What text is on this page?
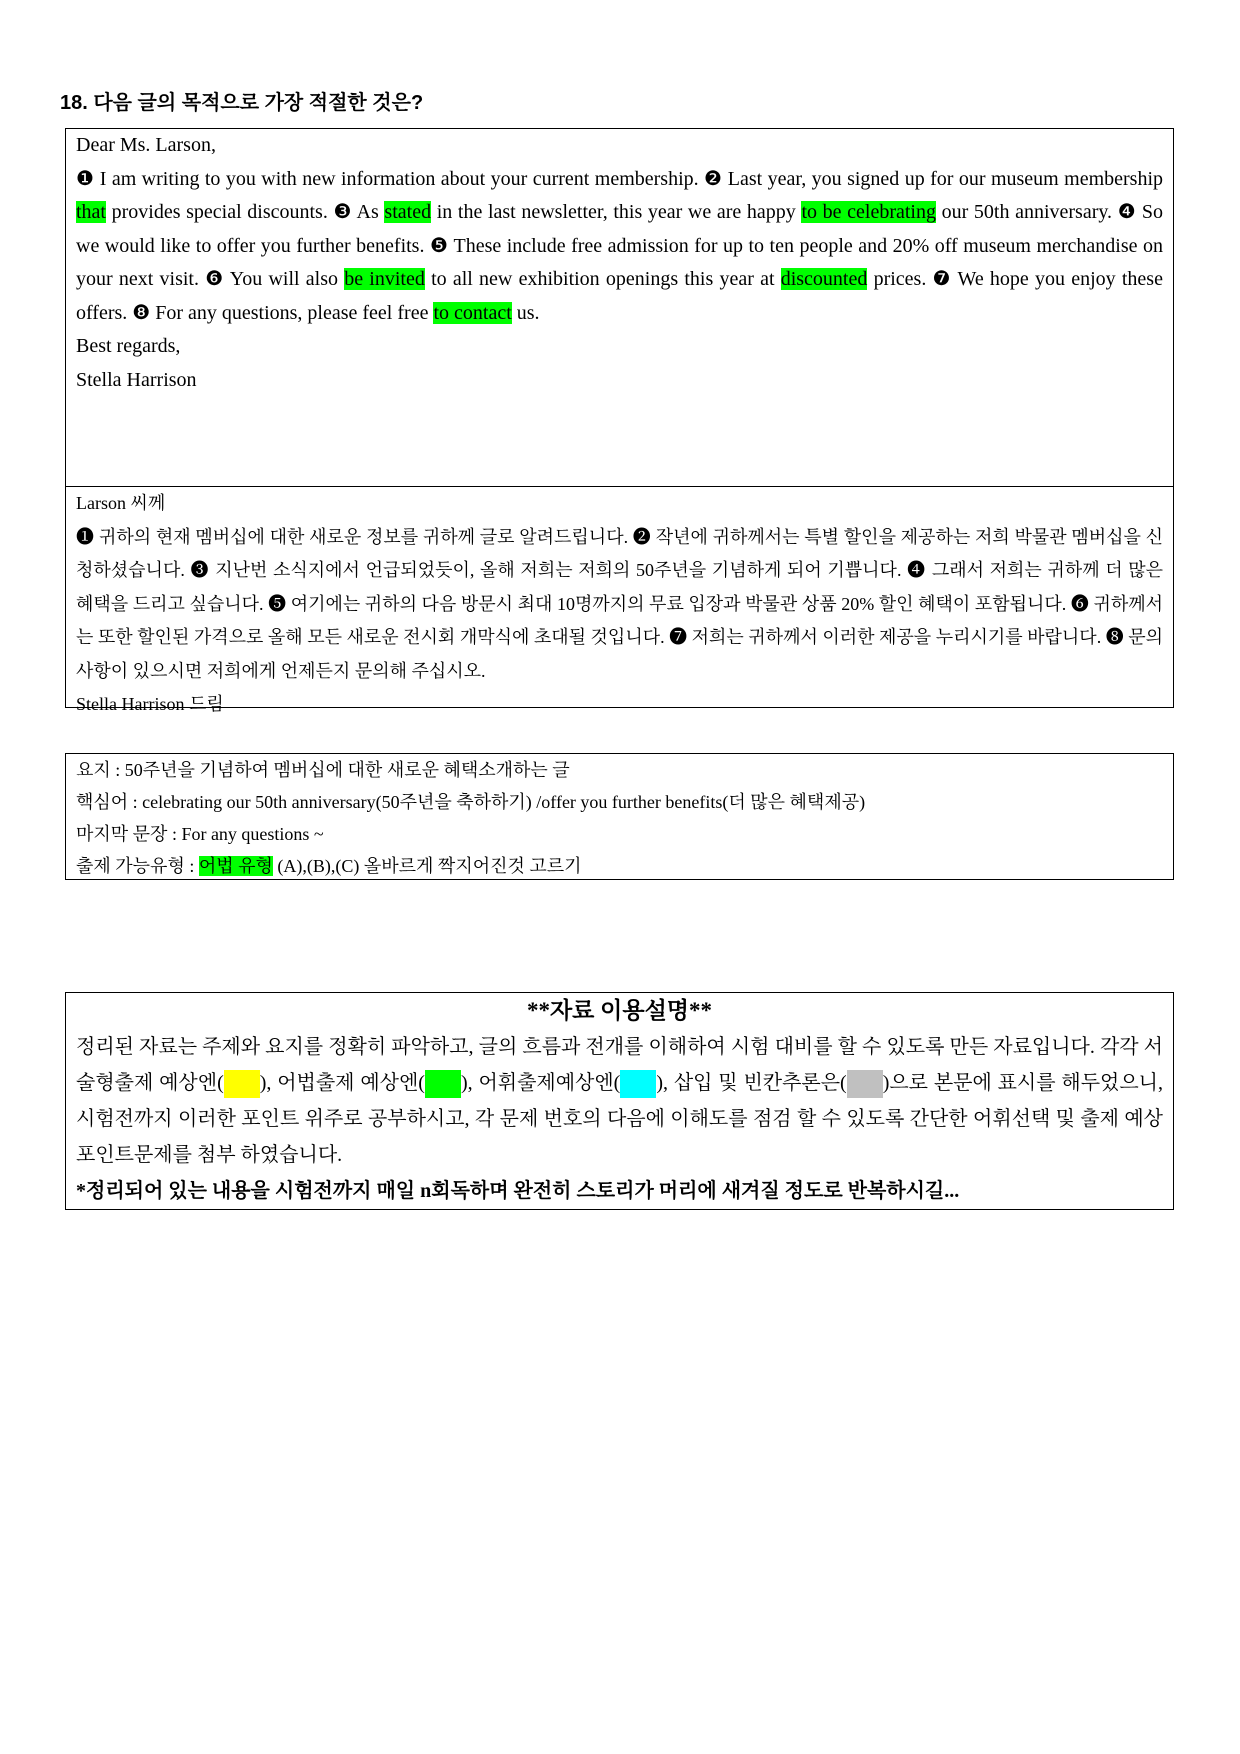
18. 다음 글의 목적으로 가장 적절한 것은?
Dear Ms. Larson,
❶ I am writing to you with new information about your current membership. ❷ Last year, you signed up for our museum membership that provides special discounts. ❸ As stated in the last newsletter, this year we are happy to be celebrating our 50th anniversary. ❹ So we would like to offer you further benefits. ❺ These include free admission for up to ten people and 20% off museum merchandise on your next visit. ❻ You will also be invited to all new exhibition openings this year at discounted prices. ❼ We hope you enjoy these offers. ❽ For any questions, please feel free to contact us.
Best regards,
Stella Harrison
Larson 씨께
❶ 귀하의 현재 멤버십에 대한 새로운 정보를 귀하께 글로 알려드립니다. ❷ 작년에 귀하께서는 특별 할인을 제공하는 저희 박물관 멤버십을 신청하셨습니다. ❸ 지난번 소식지에서 언급되었듯이, 올해 저희는 저희의 50주년을 기념하게 되어 기쁩니다. ❹ 그래서 저희는 귀하께 더 많은 혜택을 드리고 싶습니다. ❺ 여기에는 귀하의 다음 방문시 최대 10명까지의 무료 입장과 박물관 상품 20% 할인 혜택이 포함됩니다. ❻ 귀하께서는 또한 할인된 가격으로 올해 모든 새로운 전시회 개막식에 초대될 것입니다. ❼ 저희는 귀하께서 이러한 제공을 누리시기를 바랍니다. ❽ 문의 사항이 있으시면 저희에게 언제든지 문의해 주십시오.
Stella Harrison 드림
요지 : 50주년을 기념하여 멤버십에 대한 새로운 혜택소개하는 글
핵심어 : celebrating our 50th anniversary(50주년을 축하하기) /offer you further benefits(더 많은 혜택제공)
마지막 문장 : For any questions ~
출제 가능유형 : 어법 유형 (A),(B),(C) 올바르게 짝지어진것 고르기
**자료 이용설명**
정리된 자료는 주제와 요지를 정확히 파악하고, 글의 흐름과 전개를 이해하여 시험 대비를 할 수 있도록 만든 자료입니다. 각각 서술형출제 예상엔( ), 어법출제 예상엔( ), 어휘출제예상엔( ), 삽입 및 빈칸추론은( )으로 본문에 표시를 해두었으니, 시험전까지 이러한 포인트 위주로 공부하시고, 각 문제 번호의 다음에 이해도를 점검 할 수 있도록 간단한 어휘선택 및 출제 예상 포인트문제를 첨부 하였습니다.
*정리되어 있는 내용을 시험전까지 매일 n회독하며 완전히 스토리가 머리에 새겨질 정도로 반복하시길...
